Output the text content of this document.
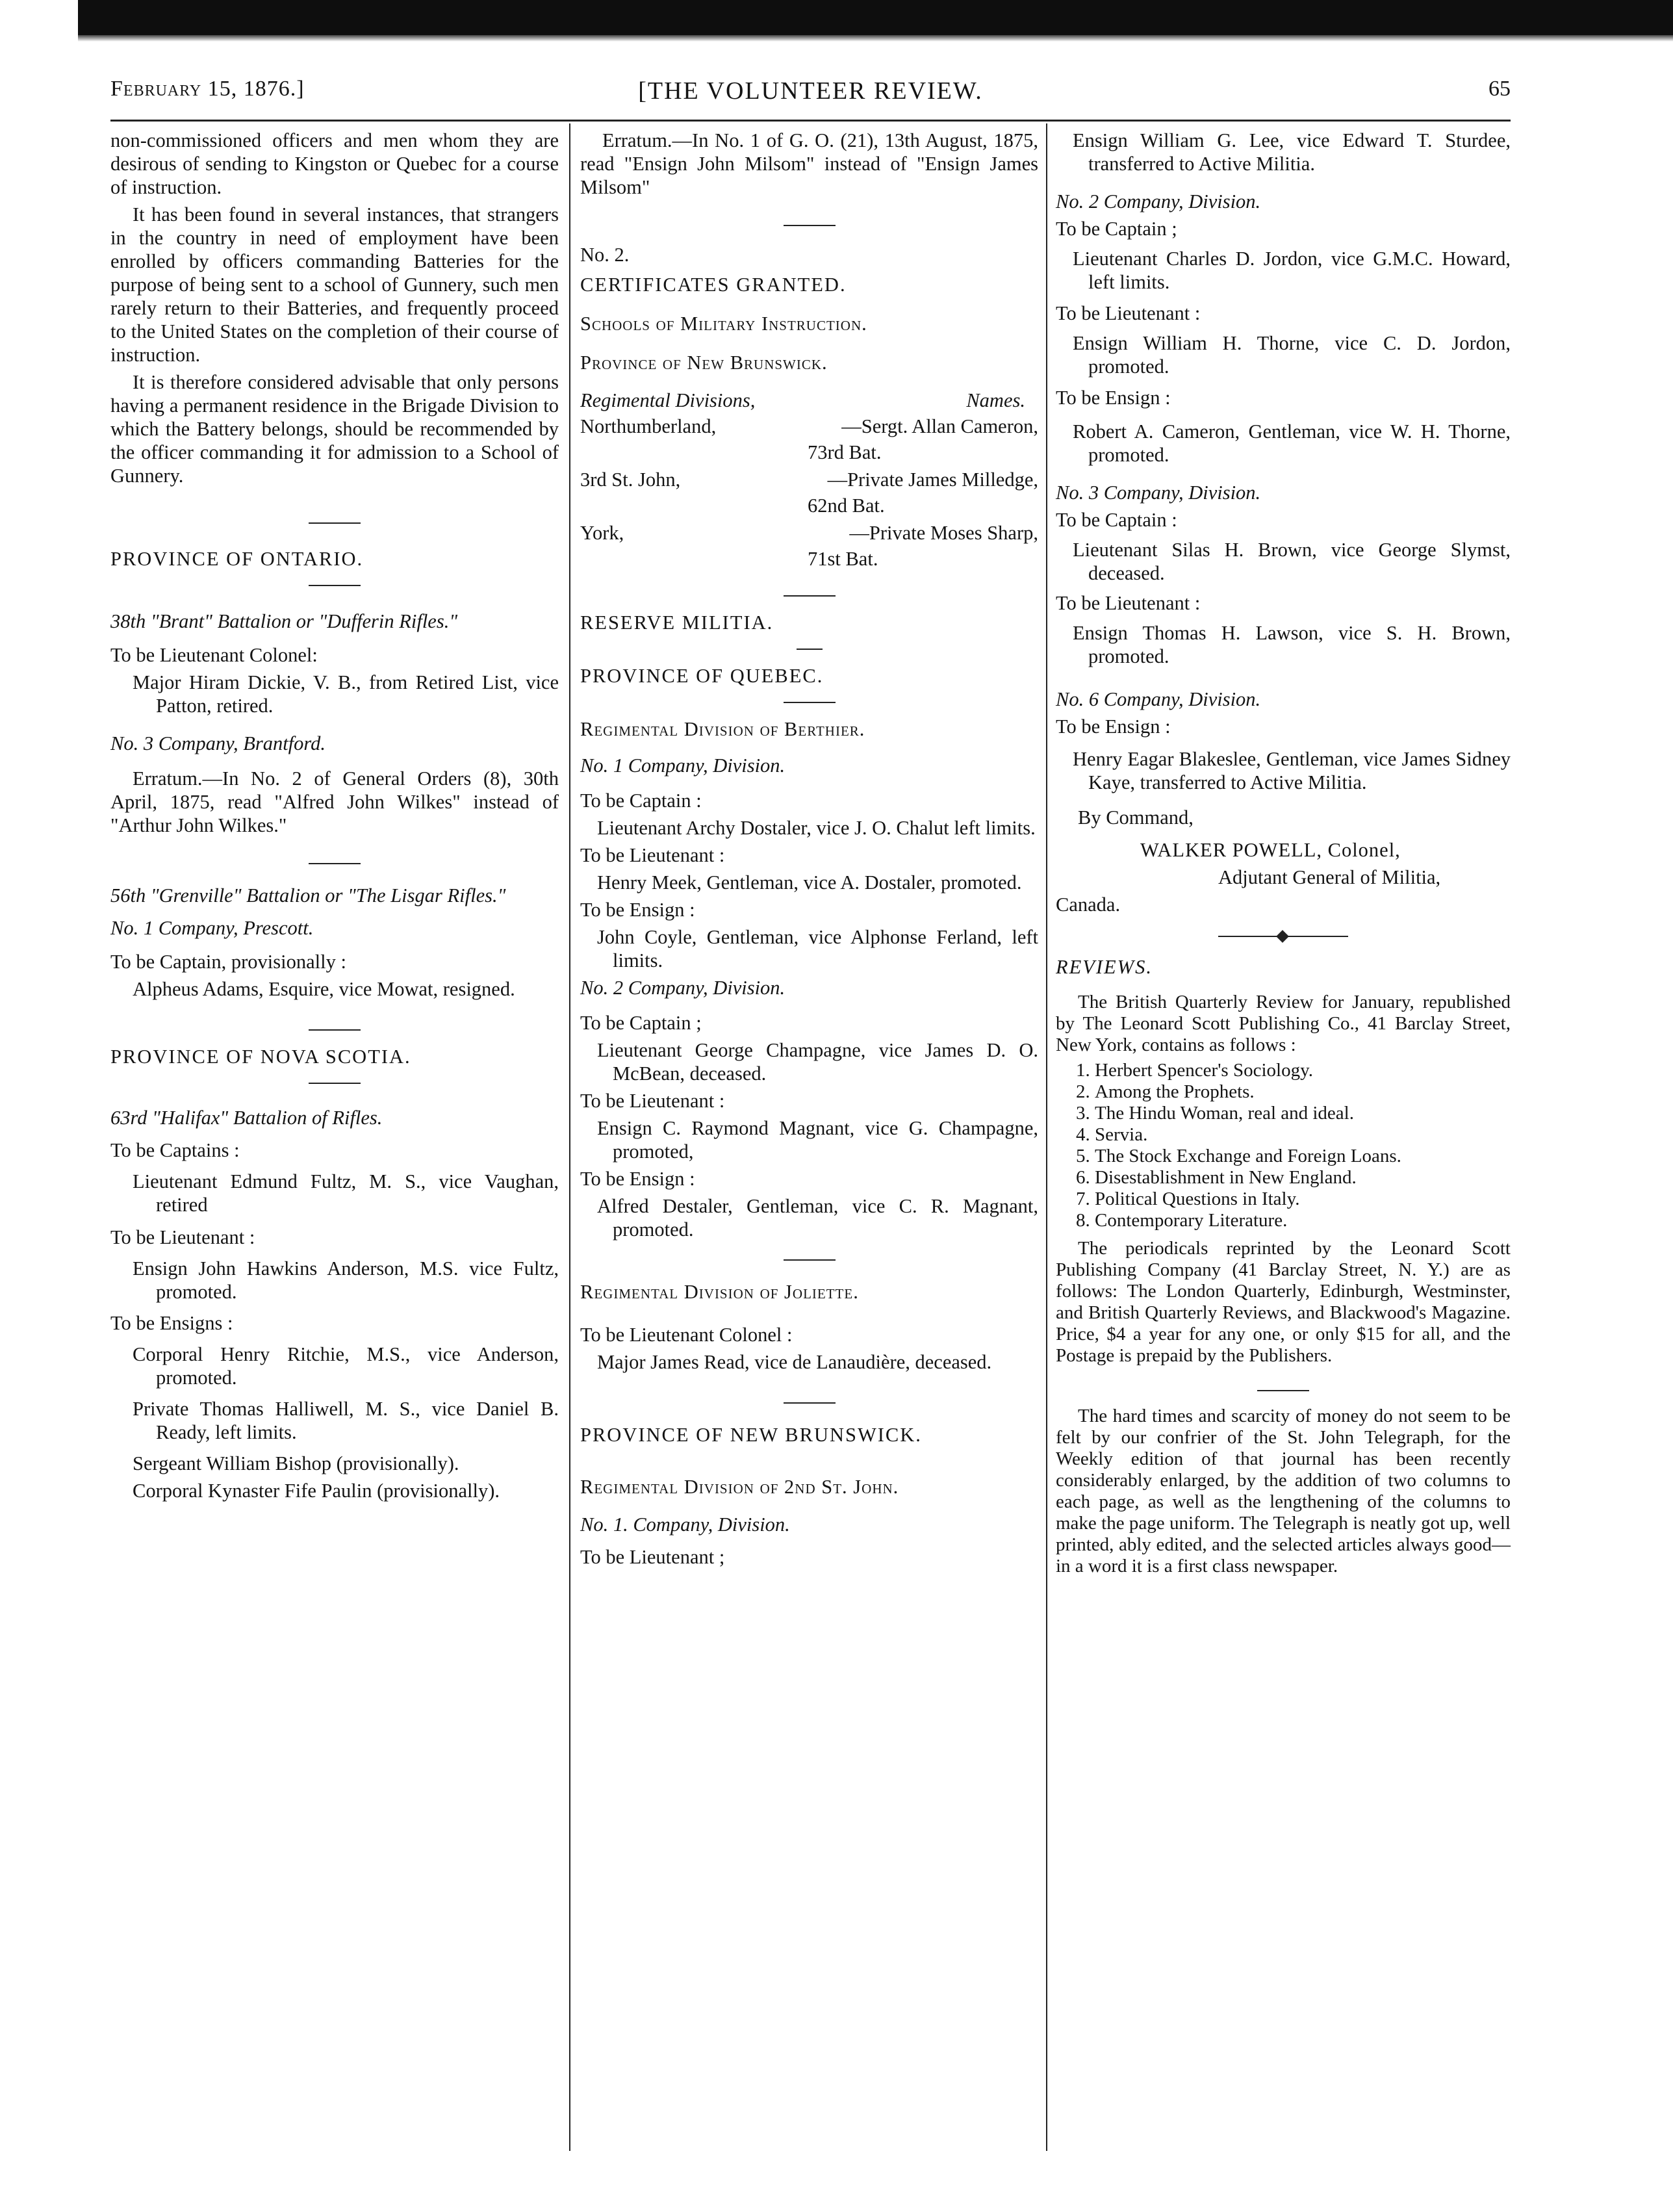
February 15, 1876.]	[THE VOLUNTEER REVIEW.	65

non-commissioned officers and men whom they are desirous of sending to Kingston or Quebec for a course of instruction.

It has been found in several instances, that strangers in the country in need of employment have been enrolled by officers commanding Batteries for the purpose of being sent to a school of Gunnery, such men rarely return to their Batteries, and frequently proceed to the United States on the completion of their course of instruction.

It is therefore considered advisable that only persons having a permanent residence in the Brigade Division to which the Battery belongs, should be recommended by the officer commanding it for admission to a School of Gunnery.

PROVINCE OF ONTARIO.

38th "Brant" Battalion or "Dufferin Rifles."

To be Lieutenant Colonel:

Major Hiram Dickie, V. B., from Retired List, vice Patton, retired.

No. 3 Company, Brantford.

Erratum.—In No. 2 of General Orders (8), 30th April, 1875, read "Alfred John Wilkes" instead of "Arthur John Wilkes."

56th "Grenville" Battalion or "The Lisgar Rifles."

No. 1 Company, Prescott.

To be Captain, provisionally :

Alpheus Adams, Esquire, vice Mowat, resigned.

PROVINCE OF NOVA SCOTIA.

63rd "Halifax" Battalion of Rifles.

To be Captains :

Lieutenant Edmund Fultz, M. S., vice Vaughan, retired

To be Lieutenant :

Ensign John Hawkins Anderson, M.S. vice Fultz, promoted.

To be Ensigns :

Corporal Henry Ritchie, M.S., vice Anderson, promoted.

Private Thomas Halliwell, M. S., vice Daniel B. Ready, left limits.

Sergeant William Bishop (provisionally).

Corporal Kynaster Fife Paulin (provisionally).

Erratum.—In No. 1 of G. O. (21), 13th August, 1875, read "Ensign John Milsom" instead of "Ensign James Milsom"

No. 2.

CERTIFICATES GRANTED.

Schools of Military Instruction.

Province of New Brunswick.

Regimental Divisions,	Names.
Northumberland,	—Sergt. Allan Cameron,

73rd Bat.

3rd St. John,	—Private James Milledge,

62nd Bat.

York,	—Private Moses Sharp,

71st Bat.

RESERVE MILITIA.

PROVINCE OF QUEBEC.

Regimental Division of Berthier.

No. 1 Company, Division.

To be Captain :

Lieutenant Archy Dostaler, vice J. O. Chalut left limits.

To be Lieutenant :

Henry Meek, Gentleman, vice A. Dostaler, promoted.

To be Ensign :

John Coyle, Gentleman, vice Alphonse Ferland, left limits.

No. 2 Company, Division.

To be Captain ;

Lieutenant George Champagne, vice James D. O. McBean, deceased.

To be Lieutenant :

Ensign C. Raymond Magnant, vice G. Champagne, promoted,

To be Ensign :

Alfred Destaler, Gentleman, vice C. R. Magnant, promoted.

Regimental Division of Joliette.

To be Lieutenant Colonel :

Major James Read, vice de Lanaudière, deceased.

PROVINCE OF NEW BRUNSWICK.

Regimental Division of 2nd St. John.

No. 1. Company, Division.

To be Lieutenant ;

Ensign William G. Lee, vice Edward T. Sturdee, transferred to Active Militia.

No. 2 Company, Division.

To be Captain ;

Lieutenant Charles D. Jordon, vice G.M.C. Howard, left limits.

To be Lieutenant :

Ensign William H. Thorne, vice C. D. Jordon, promoted.

To be Ensign :

Robert A. Cameron, Gentleman, vice W. H. Thorne, promoted.

No. 3 Company, Division.

To be Captain :

Lieutenant Silas H. Brown, vice George Slymst, deceased.

To be Lieutenant :

Ensign Thomas H. Lawson, vice S. H. Brown, promoted.

No. 6 Company, Division.

To be Ensign :

Henry Eagar Blakeslee, Gentleman, vice James Sidney Kaye, transferred to Active Militia.

By Command,

WALKER POWELL, Colonel,

Adjutant General of Militia,

Canada.

REVIEWS.

The British Quarterly Review for January, republished by The Leonard Scott Publishing Co., 41 Barclay Street, New York, contains as follows :

1. Herbert Spencer's Sociology.
2. Among the Prophets.
3. The Hindu Woman, real and ideal.
4. Servia.
5. The Stock Exchange and Foreign Loans.
6. Disestablishment in New England.
7. Political Questions in Italy.
8. Contemporary Literature.

The periodicals reprinted by the Leonard Scott Publishing Company (41 Barclay Street, N. Y.) are as follows: The London Quarterly, Edinburgh, Westminster, and British Quarterly Reviews, and Blackwood's Magazine. Price, $4 a year for any one, or only $15 for all, and the Postage is prepaid by the Publishers.

The hard times and scarcity of money do not seem to be felt by our confrier of the St. John Telegraph, for the Weekly edition of that journal has been recently considerably enlarged, by the addition of two columns to each page, as well as the lengthening of the columns to make the page uniform. The Telegraph is neatly got up, well printed, ably edited, and the selected articles always good—in a word it is a first class newspaper.
